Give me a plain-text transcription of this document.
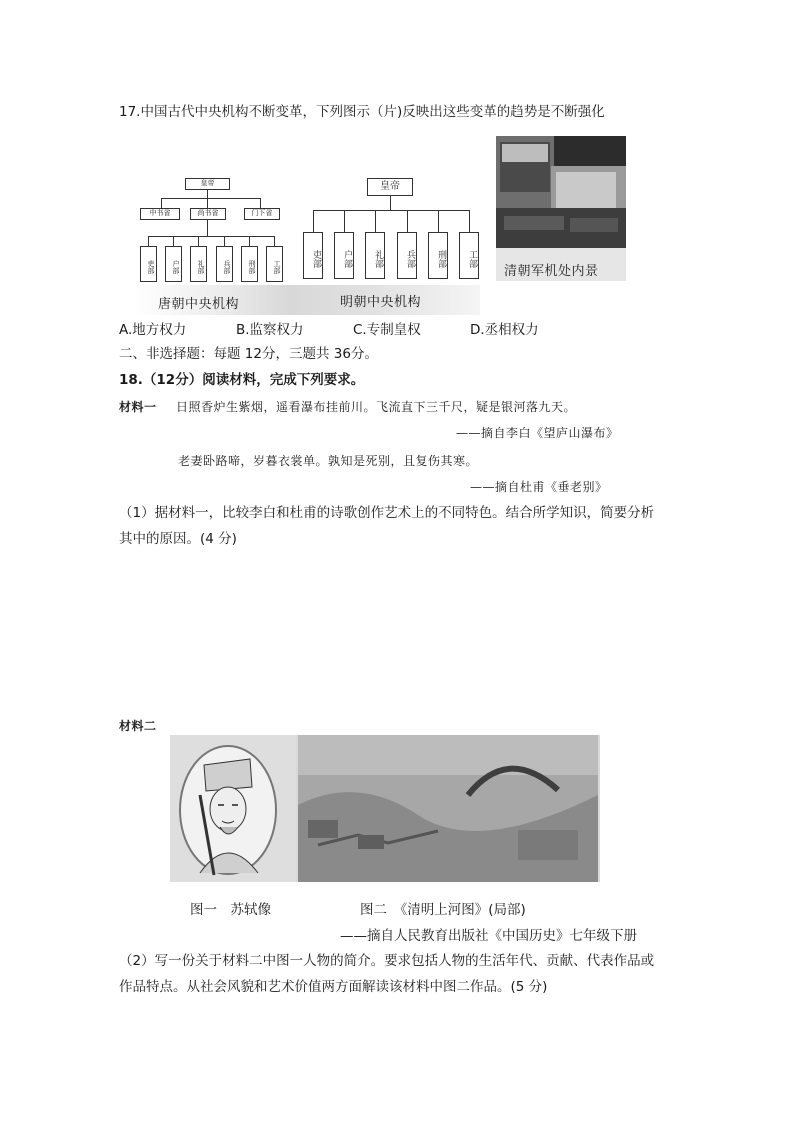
17.中国古代中央机构不断变革，下列图示（片)反映出这些变革的趋势是不断强化
皇帝
中书省	尚书省	门下省
吏部	户部	礼部	兵部	刑部	工部
皇帝
吏部	户部	礼部	兵部	刑部	工部
唐朝中央机构	明朝中央机构
清朝军机处内景
A.地方权力	B.监察权力	C.专制皇权	D.丞相权力
二、非选择题：每题 12分，三题共 36分。
18.（12分）阅读材料，完成下列要求。
材料一 日照香炉生紫烟，遥看瀑布挂前川。飞流直下三千尺，疑是银河落九天。
——摘自李白《望庐山瀑布》
老妻卧路啼，岁暮衣裳单。孰知是死别，且复伤其寒。
——摘自杜甫《垂老别》
（1）据材料一，比较李白和杜甫的诗歌创作艺术上的不同特色。结合所学知识，简要分析
其中的原因。(4 分)
材料二
图一　苏轼像	图二　《清明上河图》(局部)
——摘自人民教育出版社《中国历史》七年级下册
（2）写一份关于材料二中图一人物的简介。要求包括人物的生活年代、贡献、代表作品或
作品特点。从社会风貌和艺术价值两方面解读该材料中图二作品。(5 分)
